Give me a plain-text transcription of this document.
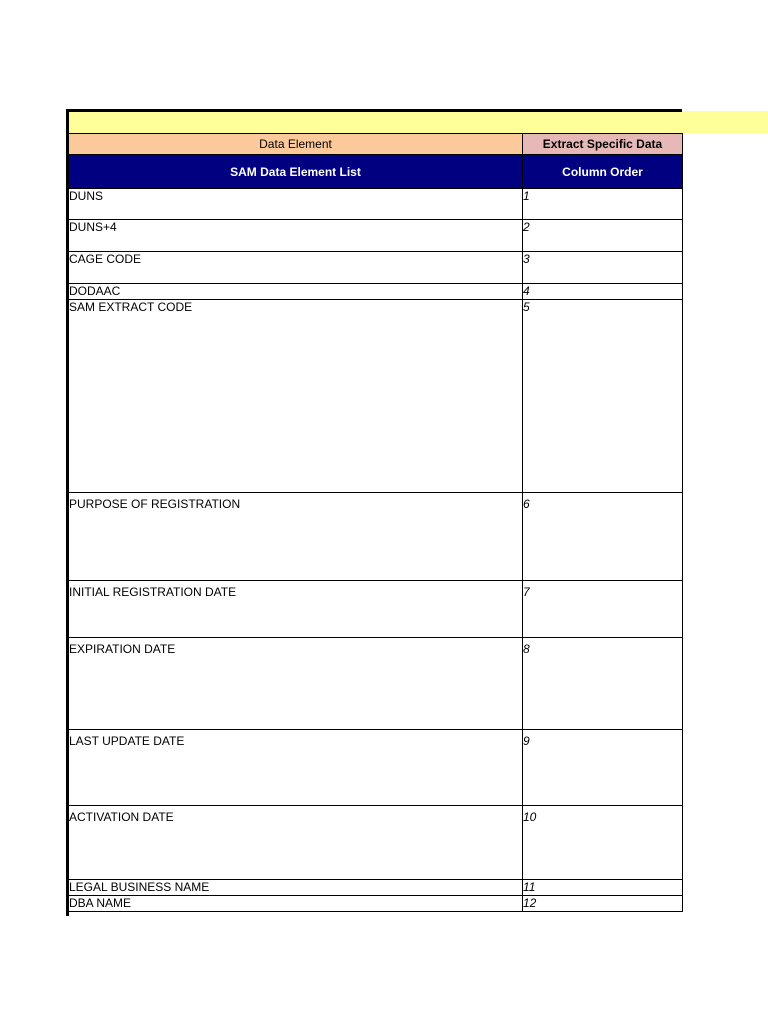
Data Element	Extract Specific Data
SAM Data Element List	Column Order
DUNS	1
DUNS+4	2
CAGE CODE	3
DODAAC	4
SAM EXTRACT CODE	5

PURPOSE OF REGISTRATION	6

INITIAL REGISTRATION DATE	7

EXPIRATION DATE	8

LAST UPDATE DATE	9

ACTIVATION DATE	10
LEGAL BUSINESS NAME	11
DBA NAME	12
